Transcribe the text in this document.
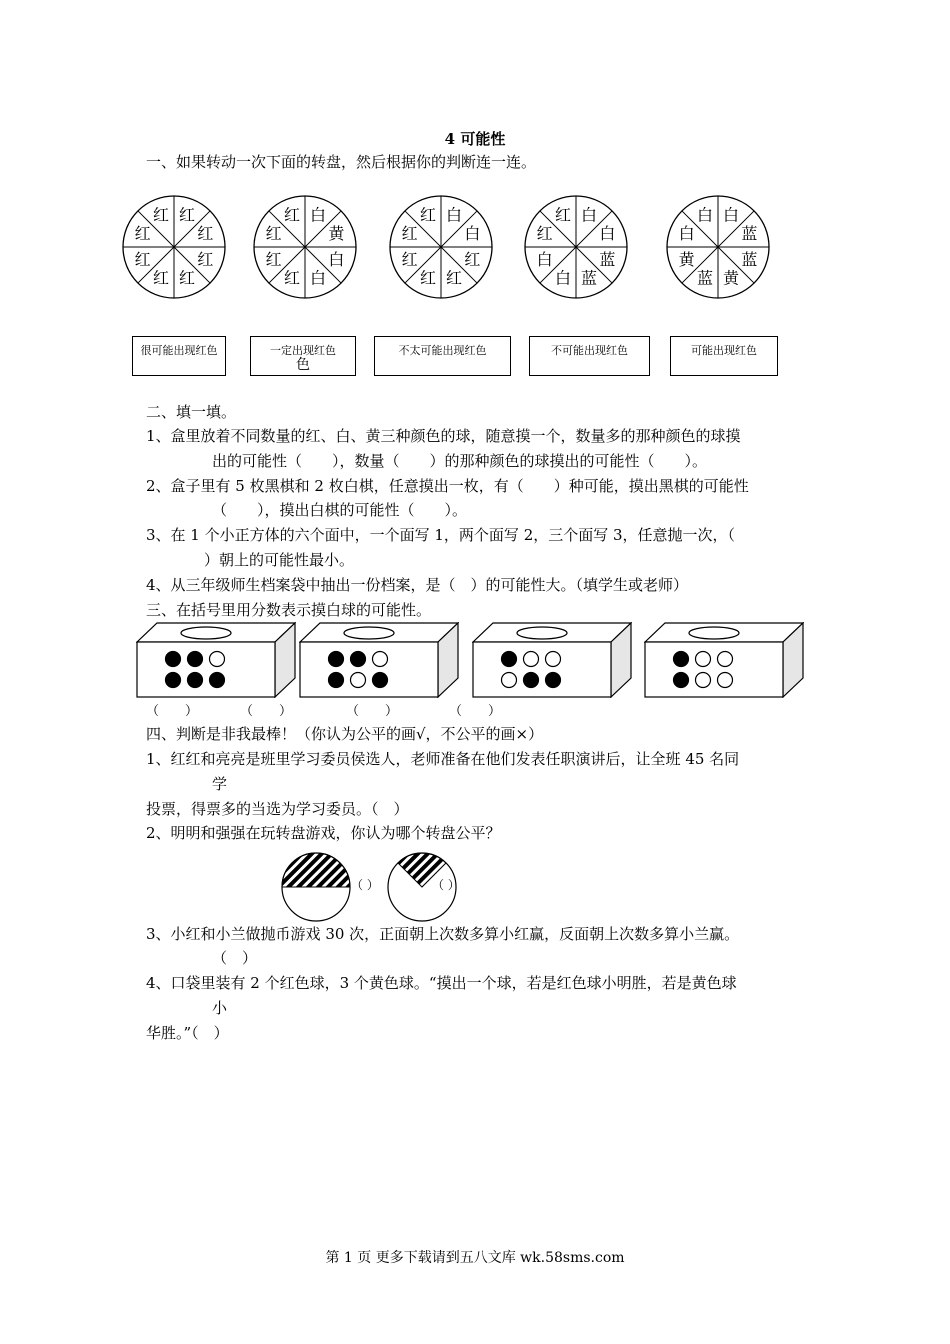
4 可能性
一、如果转动一次下面的转盘，然后根据你的判断连一连。
红
红
红
红
红
红
红
红	白
黄
白
白
红
红
红
红	白
白
红
红
红
红
红
红	白
白
蓝
蓝
白
白
红
红	白
蓝
蓝
黄
蓝
黄
白
白
很可能出现红色	一定出现红色
色
不太可能出现红色	不可能出现红色	可能出现红色
二、填一填。
1、盒里放着不同数量的红、白、黄三种颜色的球，随意摸一个，数量多的那种颜色的球摸
出的可能性（　　），数量（　　）的那种颜色的球摸出的可能性（　　）。
2、盒子里有 5 枚黑棋和 2 枚白棋，任意摸出一枚，有（　　）种可能，摸出黑棋的可能性
（　　），摸出白棋的可能性（　　）。
3、在 1 个小正方体的六个面中，一个面写 1，两个面写 2，三个面写 3，任意抛一次，（
）朝上的可能性最小。
4、从三年级师生档案袋中抽出一份档案，是（　）的可能性大。（填学生或老师）
三、在括号里用分数表示摸白球的可能性。
（　　）	（　　）	（　　）	（　　）
四、判断是非我最棒！（你认为公平的画√，不公平的画×）
1、红红和亮亮是班里学习委员侯选人，老师准备在他们发表任职演讲后，让全班 45 名同
学
投票，得票多的当选为学习委员。（　）
2、明明和强强在玩转盘游戏，你认为哪个转盘公平？
（ ）	（ ）
3、小红和小兰做抛币游戏 30 次，正面朝上次数多算小红赢，反面朝上次数多算小兰赢。
（　）
4、口袋里装有 2 个红色球，3 个黄色球。“摸出一个球，若是红色球小明胜，若是黄色球
小
华胜。”（　）
第 1 页 更多下载请到五八文库 wk.58sms.com
